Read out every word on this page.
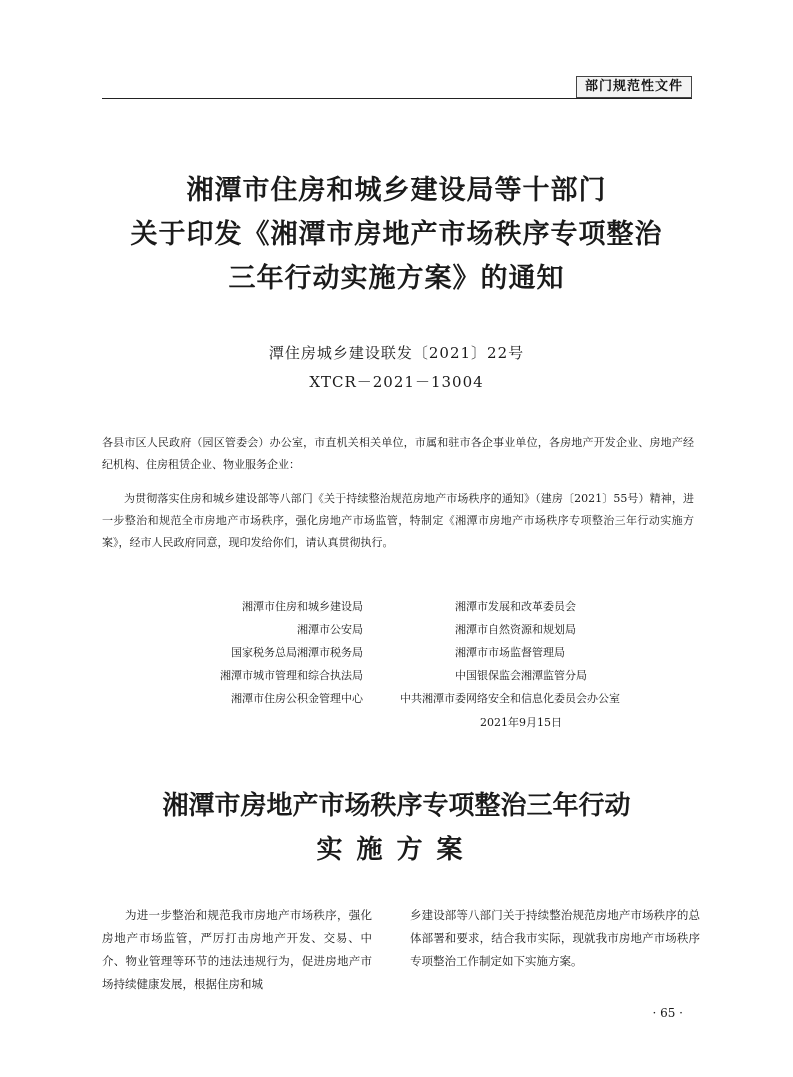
部门规范性文件
湘潭市住房和城乡建设局等十部门
关于印发《湘潭市房地产市场秩序专项整治
三年行动实施方案》的通知
潭住房城乡建设联发〔2021〕22号
XTCR－2021－13004

各县市区人民政府（园区管委会）办公室，市直机关相关单位，市属和驻市各企事业单位，各房地产开发企业、房地产经纪机构、住房租赁企业、物业服务企业：

为贯彻落实住房和城乡建设部等八部门《关于持续整治规范房地产市场秩序的通知》（建房〔2021〕55号）精神，进一步整治和规范全市房地产市场秩序，强化房地产市场监管，特制定《湘潭市房地产市场秩序专项整治三年行动实施方案》，经市人民政府同意，现印发给你们，请认真贯彻执行。

湘潭市住房和城乡建设局
湘潭市公安局
国家税务总局湘潭市税务局
湘潭市城市管理和综合执法局
湘潭市住房公积金管理中心
湘潭市发展和改革委员会
湘潭市自然资源和规划局
湘潭市市场监督管理局
中国银保监会湘潭监管分局
中共湘潭市委网络安全和信息化委员会办公室
2021年9月15日
湘潭市房地产市场秩序专项整治三年行动
实施方案

为进一步整治和规范我市房地产市场秩序，强化房地产市场监管，严厉打击房地产开发、交易、中介、物业管理等环节的违法违规行为，促进房地产市场持续健康发展，根据住房和城

乡建设部等八部门关于持续整治规范房地产市场秩序的总体部署和要求，结合我市实际，现就我市房地产市场秩序专项整治工作制定如下实施方案。

· 65 ·
